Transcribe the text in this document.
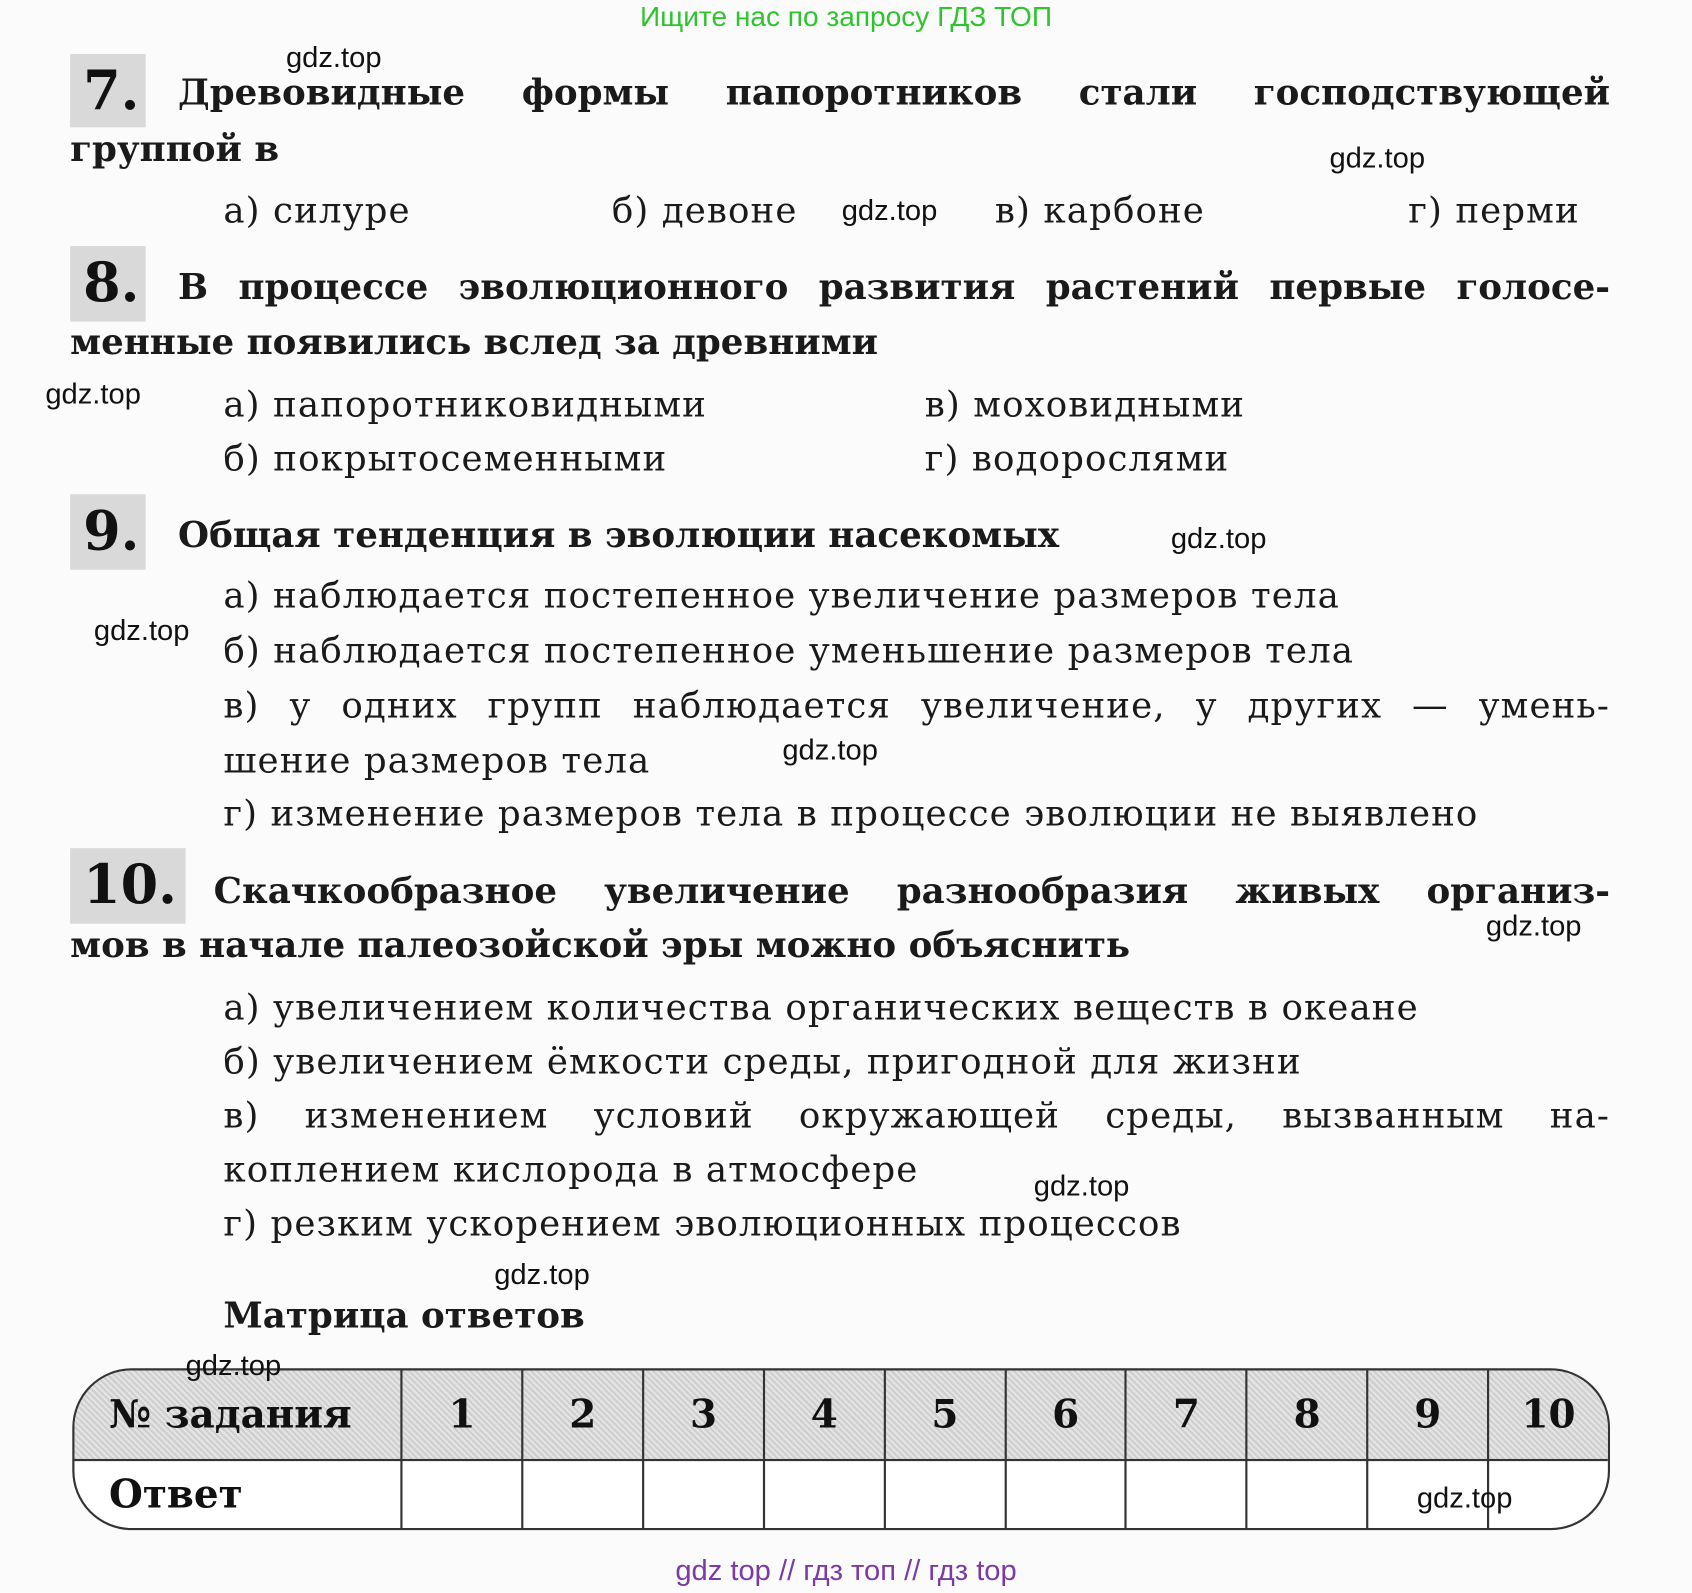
Ищите нас по запросу ГДЗ ТОП
7. Древовидные формы папоротников стали господствующей
группой в
а) силуре	б) девоне	в) карбоне	г) перми
8. В процессе эволюционного развития растений первые голосе-
менные появились вслед за древними
а) папоротниковидными	в) моховидными
б) покрытосеменными	г) водорослями
9. Общая тенденция в эволюции насекомых
а) наблюдается постепенное увеличение размеров тела
б) наблюдается постепенное уменьшение размеров тела
в) у одних групп наблюдается увеличение, у других — умень-
шение размеров тела
г) изменение размеров тела в процессе эволюции не выявлено
10. Скачкообразное увеличение разнообразия живых организ-
мов в начале палеозойской эры можно объяснить
а) увеличением количества органических веществ в океане
б) увеличением ёмкости среды, пригодной для жизни
в) изменением условий окружающей среды, вызванным на-
коплением кислорода в атмосфере
г) резким ускорением эволюционных процессов
Матрица ответов
№ задания	1	2	3	4	5	6	7	8	9	10
Ответ
gdz.top
gdz.top
gdz.top
gdz.top
gdz.top
gdz.top
gdz.top
gdz.top
gdz.top
gdz.top
gdz.top
gdz.top
gdz top // гдз топ // гдз top
